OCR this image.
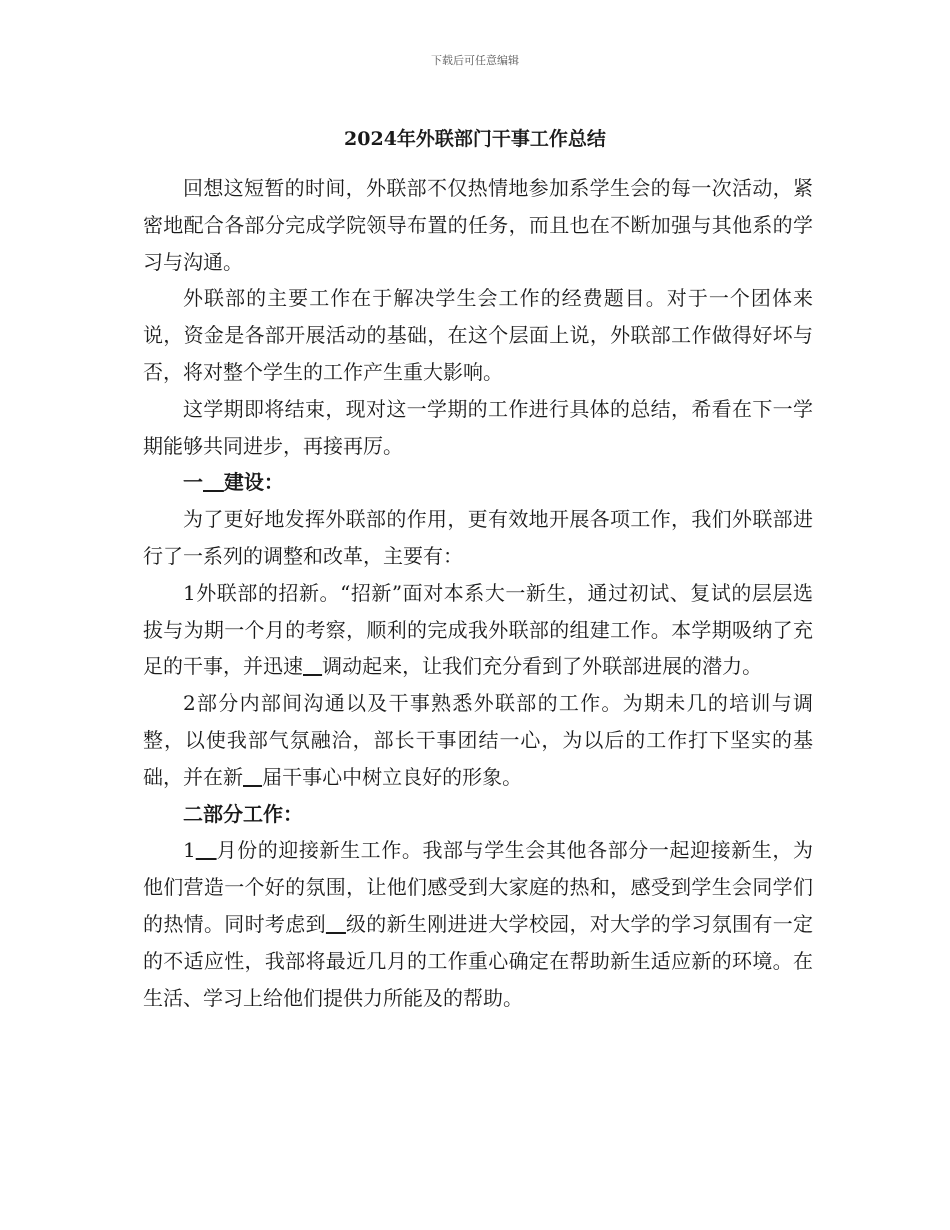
下载后可任意编辑
2024年外联部门干事工作总结

回想这短暂的时间，外联部不仅热情地参加系学生会的每一次活动，紧密地配合各部分完成学院领导布置的任务，而且也在不断加强与其他系的学习与沟通。

外联部的主要工作在于解决学生会工作的经费题目。对于一个团体来说，资金是各部开展活动的基础，在这个层面上说，外联部工作做得好坏与否，将对整个学生的工作产生重大影响。

这学期即将结束，现对这一学期的工作进行具体的总结，希看在下一学期能够共同进步，再接再厉。

一 建设：

为了更好地发挥外联部的作用，更有效地开展各项工作，我们外联部进行了一系列的调整和改革，主要有：

1外联部的招新。“招新”面对本系大一新生，通过初试、复试的层层选拔与为期一个月的考察，顺利的完成我外联部的组建工作。本学期吸纳了充足的干事，并迅速 调动起来，让我们充分看到了外联部进展的潜力。

2部分内部间沟通以及干事熟悉外联部的工作。为期未几的培训与调整，以使我部气氛融洽，部长干事团结一心，为以后的工作打下坚实的基础，并在新 届干事心中树立良好的形象。

二部分工作：

1 月份的迎接新生工作。我部与学生会其他各部分一起迎接新生，为他们营造一个好的氛围，让他们感受到大家庭的热和，感受到学生会同学们的热情。同时考虑到 级的新生刚进进大学校园，对大学的学习氛围有一定的不适应性，我部将最近几月的工作重心确定在帮助新生适应新的环境。在生活、学习上给他们提供力所能及的帮助。
